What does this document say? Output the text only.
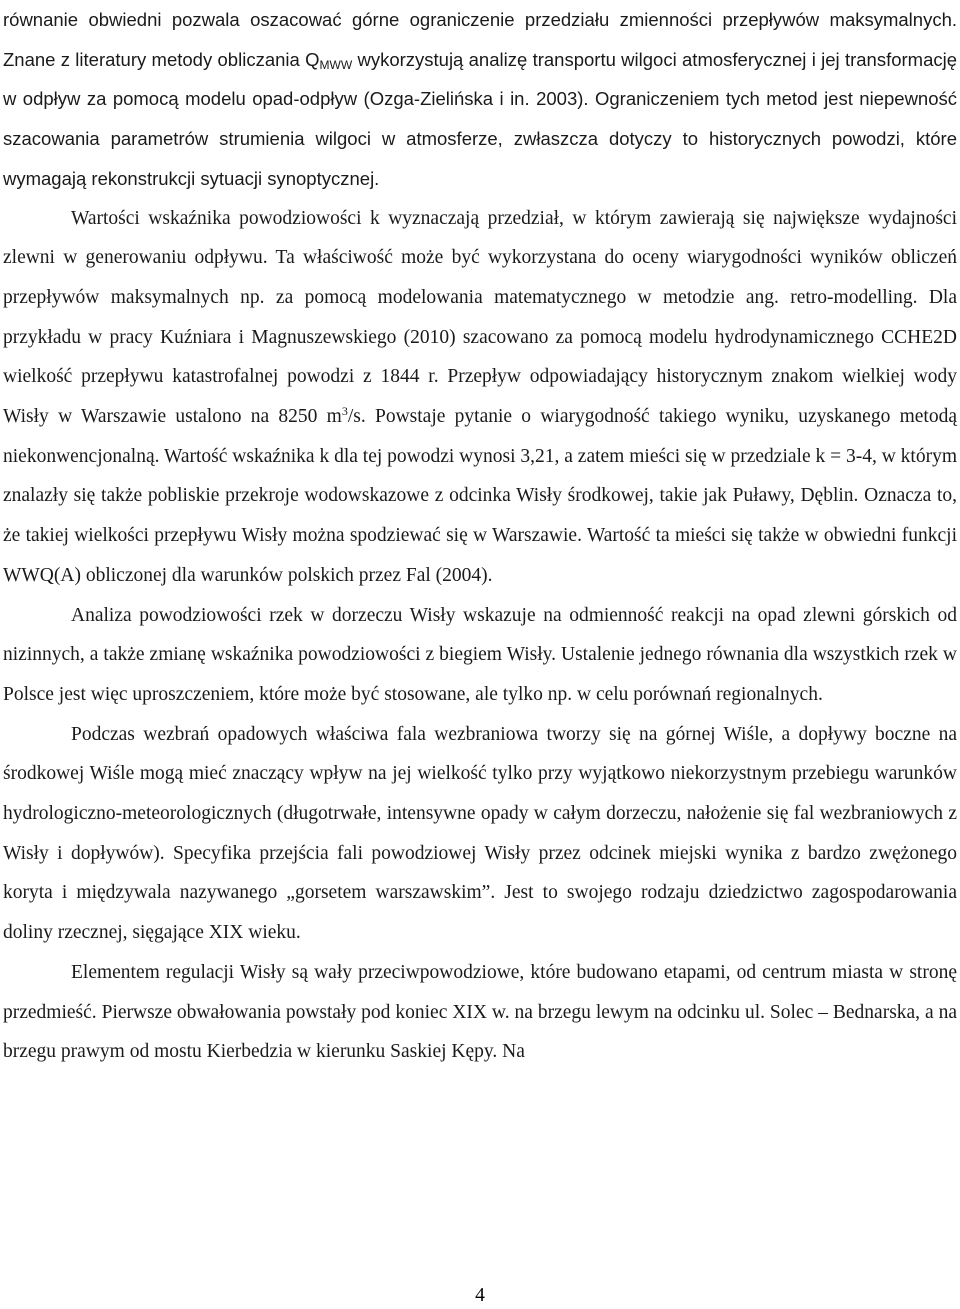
równanie obwiedni pozwala oszacować górne ograniczenie przedziału zmienności przepływów maksymalnych. Znane z literatury metody obliczania $Q_{MWW}$ wykorzystują analizę transportu wilgoci atmosferycznej i jej transformację w odpływ za pomocą modelu opad-odpływ (Ozga-Zielińska i in. 2003). Ograniczeniem tych metod jest niepewność szacowania parametrów strumienia wilgoci w atmosferze, zwłaszcza dotyczy to historycznych powodzi, które wymagają rekonstrukcji sytuacji synoptycznej.

Wartości wskaźnika powodziowości k wyznaczają przedział, w którym zawierają się największe wydajności zlewni w generowaniu odpływu. Ta właściwość może być wykorzystana do oceny wiarygodności wyników obliczeń przepływów maksymalnych np. za pomocą modelowania matematycznego w metodzie ang. retro-modelling. Dla przykładu w pracy Kuźniara i Magnuszewskiego (2010) szacowano za pomocą modelu hydrodynamicznego CCHE2D wielkość przepływu katastrofalnej powodzi z 1844 r. Przepływ odpowiadający historycznym znakom wielkiej wody Wisły w Warszawie ustalono na 8250 $m^3/s$. Powstaje pytanie o wiarygodność takiego wyniku, uzyskanego metodą niekonwencjonalną. Wartość wskaźnika k dla tej powodzi wynosi 3,21, a zatem mieści się w przedziale k = 3-4, w którym znalazły się także pobliskie przekroje wodowskazowe z odcinka Wisły środkowej, takie jak Puławy, Dęblin. Oznacza to, że takiej wielkości przepływu Wisły można spodziewać się w Warszawie. Wartość ta mieści się także w obwiedni funkcji WWQ(A) obliczonej dla warunków polskich przez Fal (2004).

Analiza powodziowości rzek w dorzeczu Wisły wskazuje na odmienność reakcji na opad zlewni górskich od nizinnych, a także zmianę wskaźnika powodziowości z biegiem Wisły. Ustalenie jednego równania dla wszystkich rzek w Polsce jest więc uproszczeniem, które może być stosowane, ale tylko np. w celu porównań regionalnych.

Podczas wezbrań opadowych właściwa fala wezbraniowa tworzy się na górnej Wiśle, a dopływy boczne na środkowej Wiśle mogą mieć znaczący wpływ na jej wielkość tylko przy wyjątkowo niekorzystnym przebiegu warunków hydrologiczno-meteorologicznych (długotrwałe, intensywne opady w całym dorzeczu, nałożenie się fal wezbraniowych z Wisły i dopływów). Specyfika przejścia fali powodziowej Wisły przez odcinek miejski wynika z bardzo zwężonego koryta i międzywala nazywanego „gorsetem warszawskim”. Jest to swojego rodzaju dziedzictwo zagospodarowania doliny rzecznej, sięgające XIX wieku.

Elementem regulacji Wisły są wały przeciwpowodziowe, które budowano etapami, od centrum miasta w stronę przedmieść. Pierwsze obwałowania powstały pod koniec XIX w. na brzegu lewym na odcinku ul. Solec – Bednarska, a na brzegu prawym od mostu Kierbedzia w kierunku Saskiej Kępy. Na

4
